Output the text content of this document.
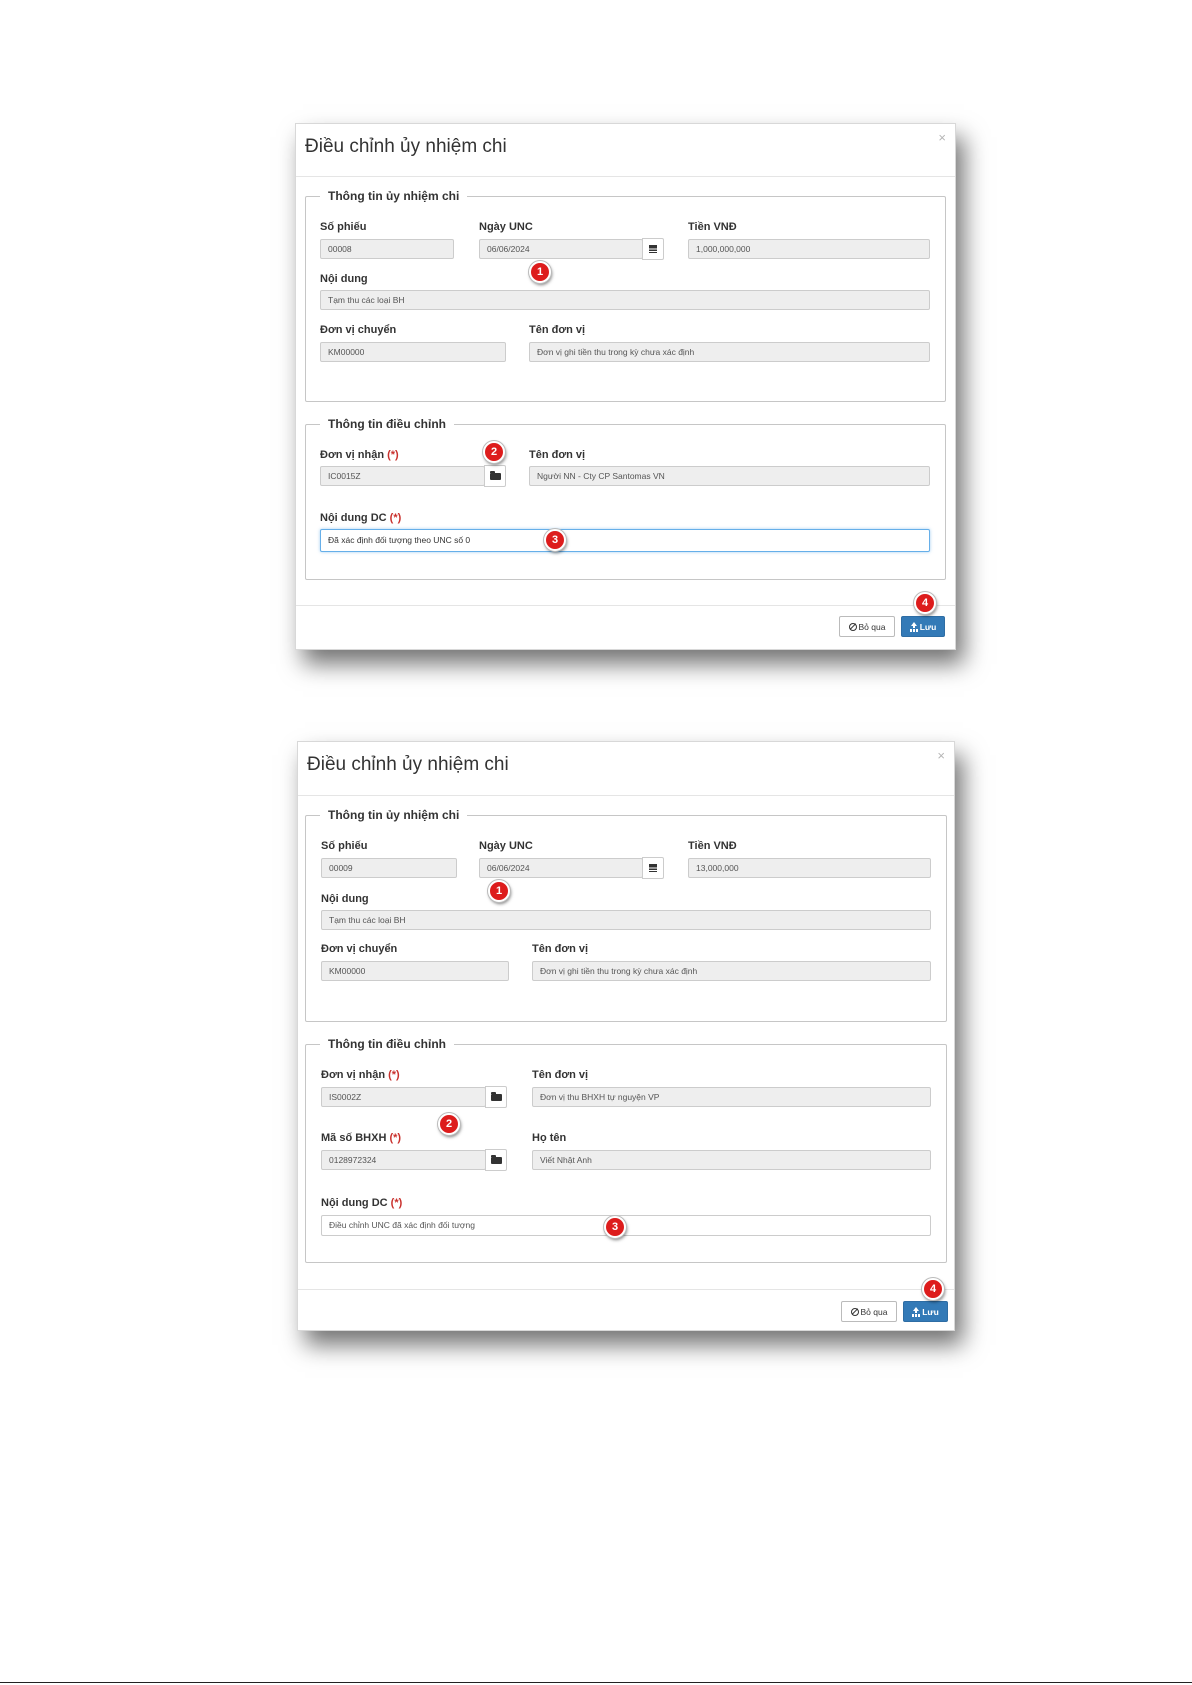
Điều chỉnh ủy nhiệm chi	×
Thông tin ủy nhiệm chi
Số phiếu
00008
Ngày UNC
06/06/2024
Tiền VNĐ
1,000,000,000
Nội dung
Tạm thu các loại BH
Đơn vị chuyển
KM00000
Tên đơn vị
Đơn vị ghi tiền thu trong kỳ chưa xác định
Thông tin điều chỉnh
Đơn vị nhận (*)
IC0015Z
Tên đơn vị
Người NN - Cty CP Santomas VN
Nội dung DC (*)
Đã xác định đối tượng theo UNC số 0
Bỏ qua	Lưu
1
2
3
4
Điều chỉnh ủy nhiệm chi	×
Thông tin ủy nhiệm chi
Số phiếu
00009
Ngày UNC
06/06/2024
Tiền VNĐ
13,000,000
Nội dung
Tạm thu các loại BH
Đơn vị chuyển
KM00000
Tên đơn vị
Đơn vị ghi tiền thu trong kỳ chưa xác định
Thông tin điều chỉnh
Đơn vị nhận (*)
IS0002Z
Tên đơn vị
Đơn vị thu BHXH tự nguyện VP
Mã số BHXH (*)
0128972324
Họ tên
Viết Nhật Anh
Nội dung DC (*)
Điều chỉnh UNC đã xác định đối tượng
Bỏ qua	Lưu
1
2
3
4
